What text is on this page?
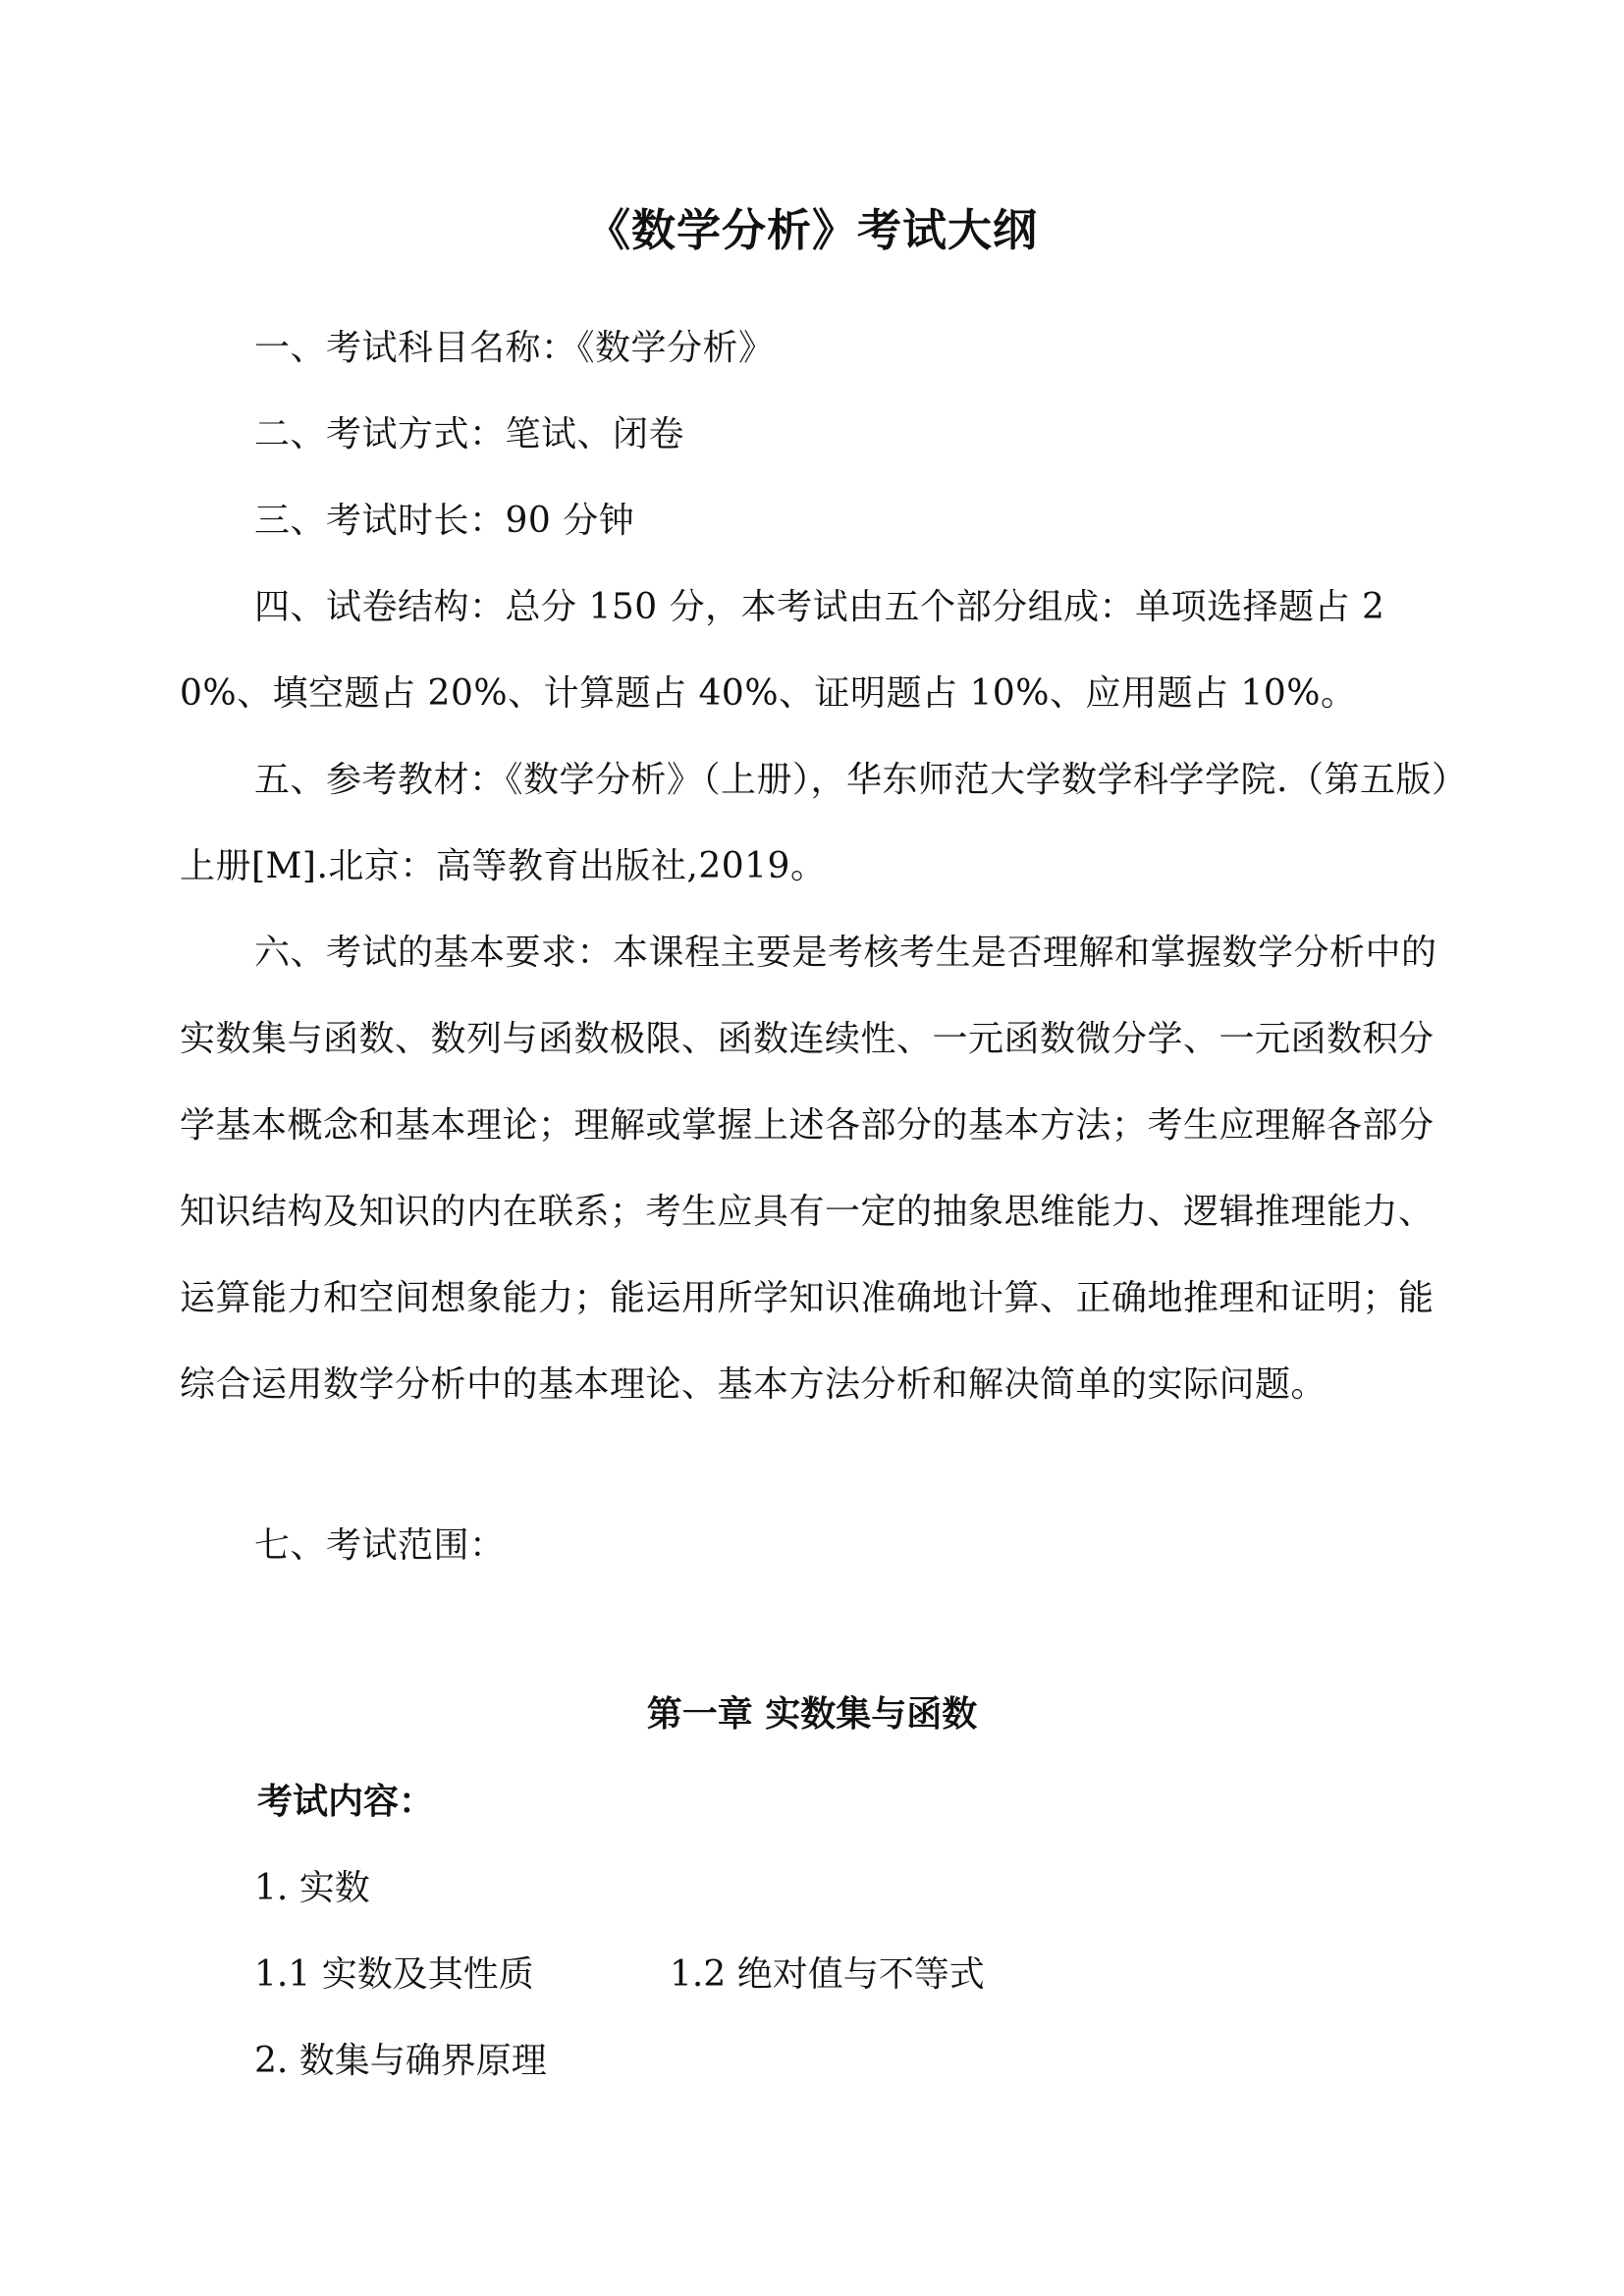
《数学分析》考试大纲
一、考试科目名称：《数学分析》
二、考试方式：笔试、闭卷
三、考试时长：90 分钟
四、试卷结构：总分 150 分，本考试由五个部分组成：单项选择题占 20%、填空题占 20%、计算题占 40%、证明题占 10%、应用题占 10%。
五、参考教材：《数学分析》（上册），华东师范大学数学科学学院.（第五版）上册[M].北京：高等教育出版社,2019。
六、考试的基本要求：本课程主要是考核考生是否理解和掌握数学分析中的实数集与函数、数列与函数极限、函数连续性、一元函数微分学、一元函数积分学基本概念和基本理论；理解或掌握上述各部分的基本方法；考生应理解各部分知识结构及知识的内在联系；考生应具有一定的抽象思维能力、逻辑推理能力、运算能力和空间想象能力；能运用所学知识准确地计算、正确地推理和证明；能综合运用数学分析中的基本理论、基本方法分析和解决简单的实际问题。
七、考试范围：
第一章 实数集与函数
考试内容：
1. 实数
1.1 实数及其性质	1.2 绝对值与不等式
2. 数集与确界原理
